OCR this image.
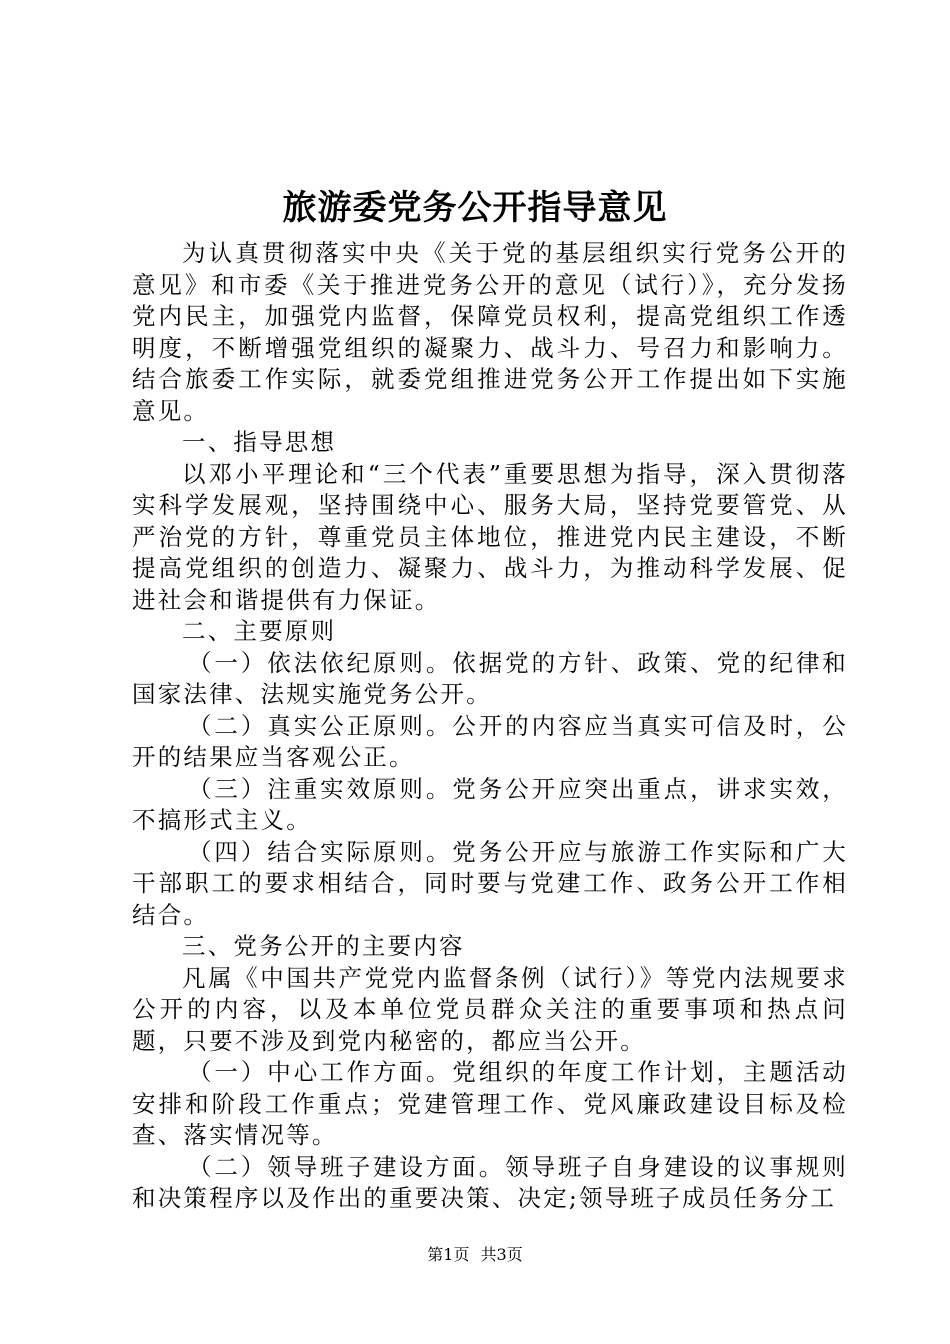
旅游委党务公开指导意见

为认真贯彻落实中央《关于党的基层组织实行党务公开的意见》和市委《关于推进党务公开的意见（试行）》，充分发扬党内民主，加强党内监督，保障党员权利，提高党组织工作透明度，不断增强党组织的凝聚力、战斗力、号召力和影响力。结合旅委工作实际，就委党组推进党务公开工作提出如下实施意见。

一、指导思想

以邓小平理论和“三个代表”重要思想为指导，深入贯彻落实科学发展观，坚持围绕中心、服务大局，坚持党要管党、从严治党的方针，尊重党员主体地位，推进党内民主建设，不断提高党组织的创造力、凝聚力、战斗力，为推动科学发展、促进社会和谐提供有力保证。

二、主要原则

（一）依法依纪原则。依据党的方针、政策、党的纪律和国家法律、法规实施党务公开。

（二）真实公正原则。公开的内容应当真实可信及时，公开的结果应当客观公正。

（三）注重实效原则。党务公开应突出重点，讲求实效，不搞形式主义。

（四）结合实际原则。党务公开应与旅游工作实际和广大干部职工的要求相结合，同时要与党建工作、政务公开工作相结合。

三、党务公开的主要内容

凡属《中国共产党党内监督条例（试行）》等党内法规要求公开的内容，以及本单位党员群众关注的重要事项和热点问题，只要不涉及到党内秘密的，都应当公开。

（一）中心工作方面。党组织的年度工作计划，主题活动安排和阶段工作重点；党建管理工作、党风廉政建设目标及检查、落实情况等。

（二）领导班子建设方面。领导班子自身建设的议事规则和决策程序以及作出的重要决策、决定;领导班子成员任务分工

第1页 共3页
